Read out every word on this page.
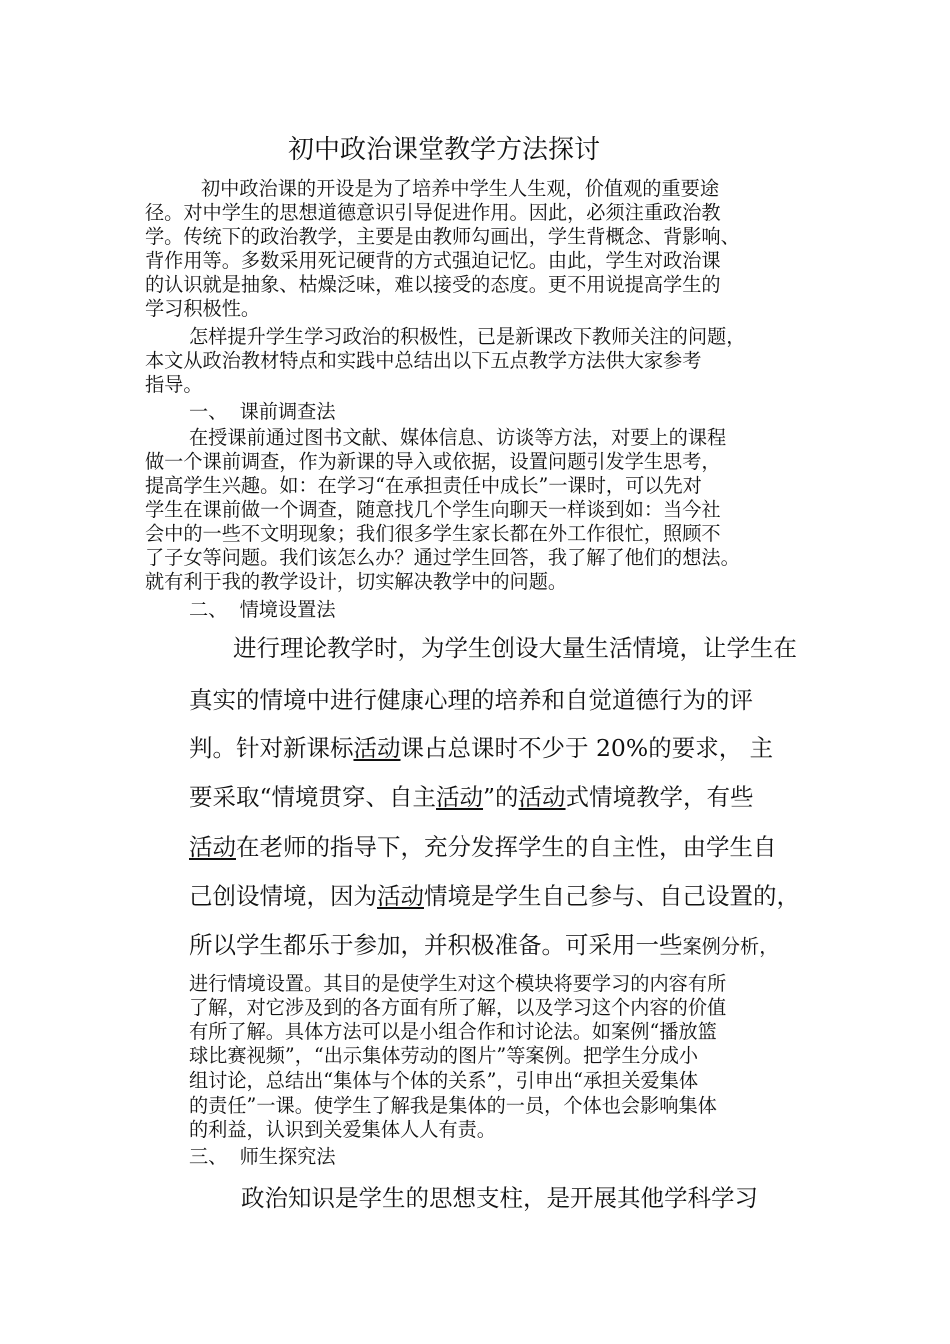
初中政治课堂教学方法探讨

初中政治课的开设是为了培养中学生人生观，价值观的重要途

径。对中学生的思想道德意识引导促进作用。因此，必须注重政治教

学。传统下的政治教学，主要是由教师勾画出，学生背概念、背影响、

背作用等。多数采用死记硬背的方式强迫记忆。由此，学生对政治课

的认识就是抽象、枯燥泛味，难以接受的态度。更不用说提高学生的

学习积极性。

怎样提升学生学习政治的积极性，已是新课改下教师关注的问题，

本文从政治教材特点和实践中总结出以下五点教学方法供大家参考

指导。

一、  课前调查法

在授课前通过图书文献、媒体信息、访谈等方法，对要上的课程

做一个课前调查，作为新课的导入或依据，设置问题引发学生思考，

提高学生兴趣。如：在学习“在承担责任中成长”一课时，可以先对

学生在课前做一个调查，随意找几个学生向聊天一样谈到如：当今社

会中的一些不文明现象；我们很多学生家长都在外工作很忙，照顾不

了子女等问题。我们该怎么办？通过学生回答，我了解了他们的想法。

就有利于我的教学设计，切实解决教学中的问题。

二、  情境设置法

进行理论教学时，为学生创设大量生活情境，让学生在

真实的情境中进行健康心理的培养和自觉道德行为的评

判。针对新课标活动课占总课时不少于 20%的要求， 主

要采取“情境贯穿、自主活动”的活动式情境教学，有些

活动在老师的指导下，充分发挥学生的自主性，由学生自

己创设情境，因为活动情境是学生自己参与、自己设置的，

所以学生都乐于参加，并积极准备。可采用一些案例分析，

进行情境设置。其目的是使学生对这个模块将要学习的内容有所

了解，对它涉及到的各方面有所了解，以及学习这个内容的价值

有所了解。具体方法可以是小组合作和讨论法。如案例“播放篮

球比赛视频”，“出示集体劳动的图片”等案例。把学生分成小

组讨论，总结出“集体与个体的关系”，引申出“承担关爱集体

的责任”一课。使学生了解我是集体的一员，个体也会影响集体

的利益，认识到关爱集体人人有责。

三、  师生探究法

政治知识是学生的思想支柱，是开展其他学科学习
